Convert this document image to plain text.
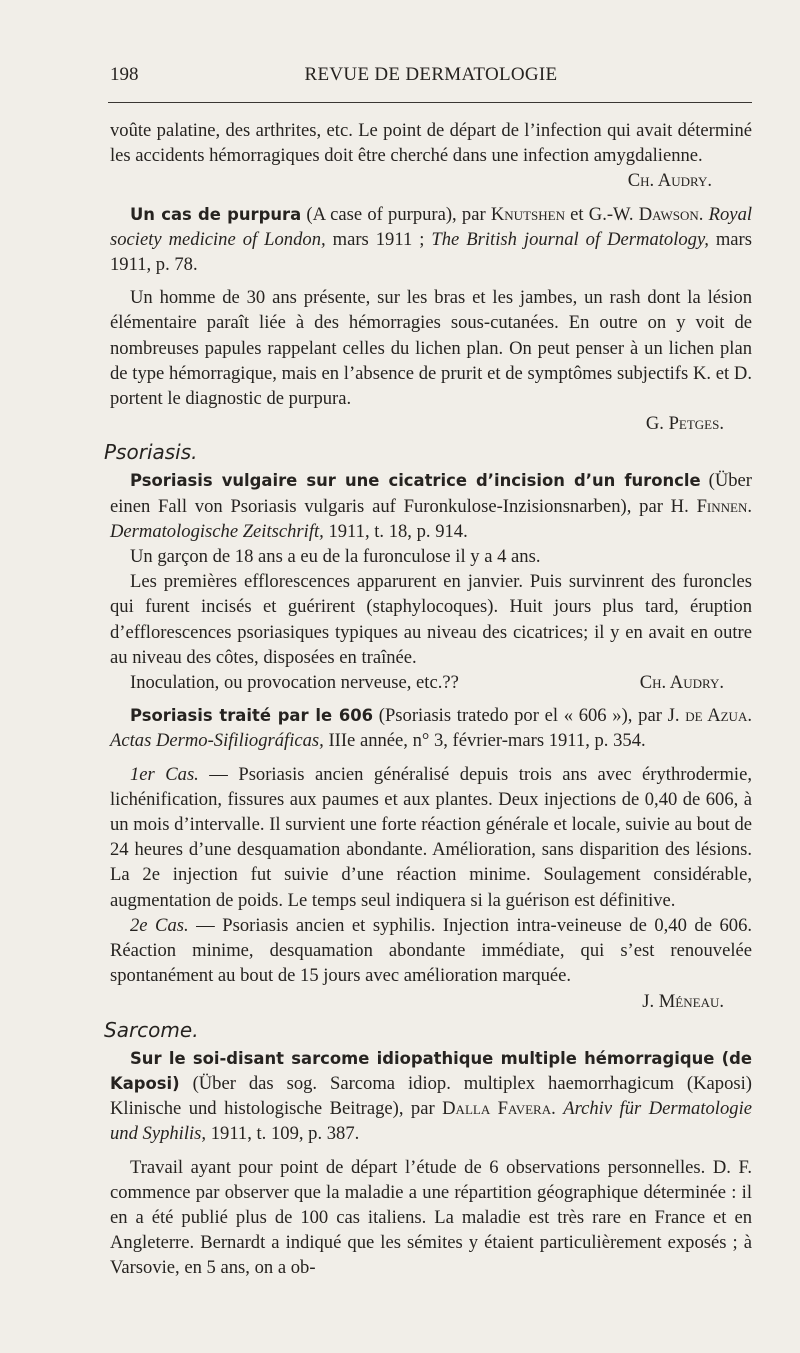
198	REVUE DE DERMATOLOGIE

voûte palatine, des arthrites, etc. Le point de départ de l’infection qui avait déterminé les accidents hémorragiques doit être cherché dans une infection amygdalienne.

Ch. Audry.

Un cas de purpura (A case of purpura), par Knutshen et G.-W. Dawson. Royal society medicine of London, mars 1911 ; The British journal of Dermatology, mars 1911, p. 78.

Un homme de 30 ans présente, sur les bras et les jambes, un rash dont la lésion élémentaire paraît liée à des hémorragies sous-cutanées. En outre on y voit de nombreuses papules rappelant celles du lichen plan. On peut penser à un lichen plan de type hémorragique, mais en l’absence de prurit et de symptômes subjectifs K. et D. portent le diagnostic de purpura.

G. Petges.

Psoriasis.

Psoriasis vulgaire sur une cicatrice d’incision d’un furoncle (Über einen Fall von Psoriasis vulgaris auf Furonkulose-Inzisionsnarben), par H. Finnen. Dermatologische Zeitschrift, 1911, t. 18, p. 914.

Un garçon de 18 ans a eu de la furonculose il y a 4 ans.

Les premières efflorescences apparurent en janvier. Puis survinrent des furoncles qui furent incisés et guérirent (staphylocoques). Huit jours plus tard, éruption d’efflorescences psoriasiques typiques au niveau des cicatrices; il y en avait en outre au niveau des côtes, disposées en traînée.

Inoculation, ou provocation nerveuse, etc.??	Ch. Audry.

Psoriasis traité par le 606 (Psoriasis tratedo por el « 606 »), par J. de Azua. Actas Dermo-Sifiliográficas, IIIe année, n° 3, février-mars 1911, p. 354.

1er Cas. — Psoriasis ancien généralisé depuis trois ans avec érythrodermie, lichénification, fissures aux paumes et aux plantes. Deux injections de 0,40 de 606, à un mois d’intervalle. Il survient une forte réaction générale et locale, suivie au bout de 24 heures d’une desquamation abondante. Amélioration, sans disparition des lésions. La 2e injection fut suivie d’une réaction minime. Soulagement considérable, augmentation de poids. Le temps seul indiquera si la guérison est définitive.

2e Cas. — Psoriasis ancien et syphilis. Injection intra-veineuse de 0,40 de 606. Réaction minime, desquamation abondante immédiate, qui s’est renouvelée spontanément au bout de 15 jours avec amélioration marquée.

J. Méneau.

Sarcome.

Sur le soi-disant sarcome idiopathique multiple hémorragique (de Kaposi) (Über das sog. Sarcoma idiop. multiplex haemorrhagicum (Kaposi) Klinische und histologische Beitrage), par Dalla Favera. Archiv für Dermatologie und Syphilis, 1911, t. 109, p. 387.

Travail ayant pour point de départ l’étude de 6 observations personnelles. D. F. commence par observer que la maladie a une répartition géographique déterminée : il en a été publié plus de 100 cas italiens. La maladie est très rare en France et en Angleterre. Bernardt a indiqué que les sémites y étaient particulièrement exposés ; à Varsovie, en 5 ans, on a ob-
